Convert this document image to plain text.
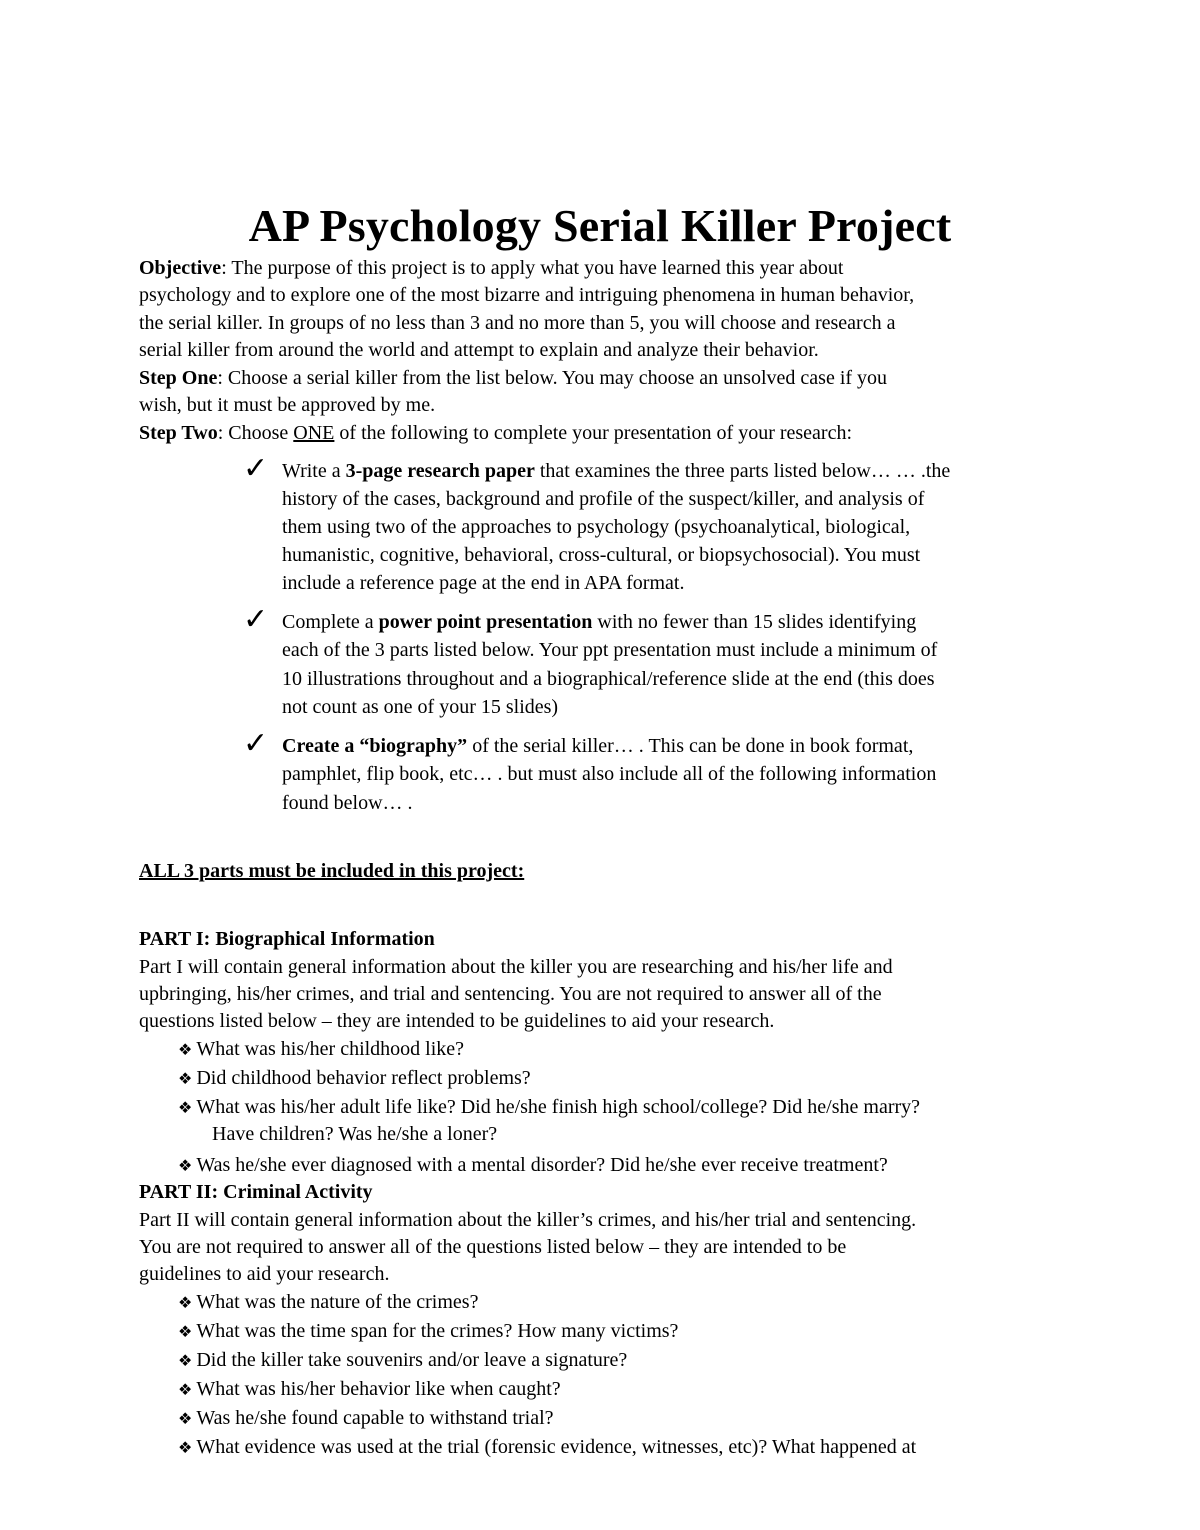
AP Psychology Serial Killer Project
Objective: The purpose of this project is to apply what you have learned this year about
psychology and to explore one of the most bizarre and intriguing phenomena in human behavior,
the serial killer. In groups of no less than 3 and no more than 5, you will choose and research a
serial killer from around the world and attempt to explain and analyze their behavior.
Step One: Choose a serial killer from the list below. You may choose an unsolved case if you
wish, but it must be approved by me.
Step Two: Choose ONE of the following to complete your presentation of your research:
✓ Write a 3-page research paper that examines the three parts listed below… … .the
history of the cases, background and profile of the suspect/killer, and analysis of
them using two of the approaches to psychology (psychoanalytical, biological,
humanistic, cognitive, behavioral, cross-cultural, or biopsychosocial). You must
include a reference page at the end in APA format.
✓ Complete a power point presentation with no fewer than 15 slides identifying
each of the 3 parts listed below. Your ppt presentation must include a minimum of
10 illustrations throughout and a biographical/reference slide at the end (this does
not count as one of your 15 slides)
✓ Create a “biography” of the serial killer… . This can be done in book format,
pamphlet, flip book, etc… . but must also include all of the following information
found below… .
ALL 3 parts must be included in this project:
PART I: Biographical Information
Part I will contain general information about the killer you are researching and his/her life and
upbringing, his/her crimes, and trial and sentencing. You are not required to answer all of the
questions listed below – they are intended to be guidelines to aid your research.
❖ What was his/her childhood like?
❖ Did childhood behavior reflect problems?
❖ What was his/her adult life like? Did he/she finish high school/college? Did he/she marry?
Have children? Was he/she a loner?
❖ Was he/she ever diagnosed with a mental disorder? Did he/she ever receive treatment?
PART II: Criminal Activity
Part II will contain general information about the killer’s crimes, and his/her trial and sentencing.
You are not required to answer all of the questions listed below – they are intended to be
guidelines to aid your research.
❖ What was the nature of the crimes?
❖ What was the time span for the crimes? How many victims?
❖ Did the killer take souvenirs and/or leave a signature?
❖ What was his/her behavior like when caught?
❖ Was he/she found capable to withstand trial?
❖ What evidence was used at the trial (forensic evidence, witnesses, etc)? What happened at
